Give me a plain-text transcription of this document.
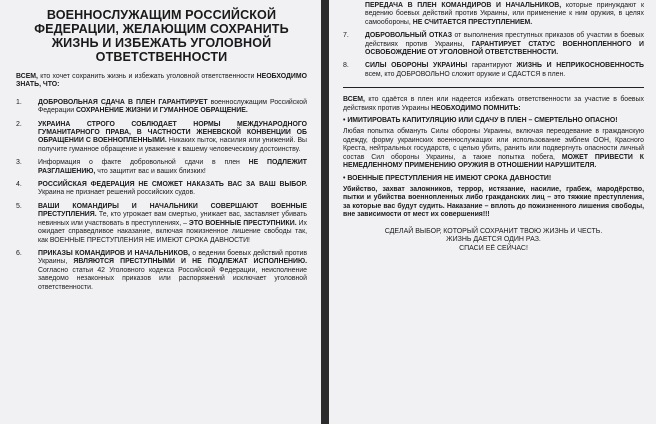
ВОЕННОСЛУЖАЩИМ РОССИЙСКОЙ ФЕДЕРАЦИИ, ЖЕЛАЮЩИМ СОХРАНИТЬ ЖИЗНЬ И ИЗБЕЖАТЬ УГОЛОВНОЙ ОТВЕТСТВЕННОСТИ
ВСЕМ, кто хочет сохранить жизнь и избежать уголовной ответственности НЕОБХОДИМО ЗНАТЬ, ЧТО:
1.	ДОБРОВОЛЬНАЯ СДАЧА В ПЛЕН ГАРАНТИРУЕТ военнослужащим Российской Федерации СОХРАНЕНИЕ ЖИЗНИ И ГУМАННОЕ ОБРАЩЕНИЕ.
2.	УКРАИНА СТРОГО СОБЛЮДАЕТ НОРМЫ МЕЖДУНАРОДНОГО ГУМАНИТАРНОГО ПРАВА, В ЧАСТНОСТИ ЖЕНЕВСКОЙ КОНВЕНЦИИ ОБ ОБРАЩЕНИИ С ВОЕННОПЛЕННЫМИ. Никаких пыток, насилия или унижений. Вы получите гуманное обращение и уважение к вашему человеческому достоинству.
3.	Информация о факте добровольной сдачи в плен НЕ ПОДЛЕЖИТ РАЗГЛАШЕНИЮ, что защитит вас и ваших близких!
4.	РОССИЙСКАЯ ФЕДЕРАЦИЯ НЕ СМОЖЕТ НАКАЗАТЬ ВАС ЗА ВАШ ВЫБОР. Украина не признает решений российских судов.
5.	ВАШИ КОМАНДИРЫ И НАЧАЛЬНИКИ СОВЕРШАЮТ ВОЕННЫЕ ПРЕСТУПЛЕНИЯ. Те, кто угрожает вам смертью, унижает вас, заставляет убивать невинных или участвовать в преступлениях, – ЭТО ВОЕННЫЕ ПРЕСТУПНИКИ. Их ожидает справедливое наказание, включая пожизненное лишение свободы так, как ВОЕННЫЕ ПРЕСТУПЛЕНИЯ НЕ ИМЕЮТ СРОКА ДАВНОСТИ!
6.	ПРИКАЗЫ КОМАНДИРОВ И НАЧАЛЬНИКОВ, о ведении боевых действий против Украины, ЯВЛЯЮТСЯ ПРЕСТУПНЫМИ И НЕ ПОДЛЕЖАТ ИСПОЛНЕНИЮ. Согласно статьи 42 Уголовного кодекса Российской Федерации, неисполнение заведомо незаконных приказов или распоряжений исключает уголовной ответственности.
ПЕРЕДАЧА В ПЛЕН КОМАНДИРОВ И НАЧАЛЬНИКОВ, которые принуждают к ведению боевых действий против Украины, или применение к ним оружия, в целях самообороны, НЕ СЧИТАЕТСЯ ПРЕСТУПЛЕНИЕМ.
7.	ДОБРОВОЛЬНЫЙ ОТКАЗ от выполнения преступных приказов об участии в боевых действиях против Украины, ГАРАНТИРУЕТ СТАТУС ВОЕННОПЛЕННОГО И ОСВОБОЖДЕНИЕ ОТ УГОЛОВНОЙ ОТВЕТСТВЕННОСТИ.
8.	СИЛЫ ОБОРОНЫ УКРАИНЫ гарантируют ЖИЗНЬ И НЕПРИКОСНОВЕННОСТЬ всем, кто ДОБРОВОЛЬНО сложит оружие и СДАСТСЯ в плен.
ВСЕМ, кто сдаётся в плен или надеется избежать ответственности за участие в боевых действиях против Украины НЕОБХОДИМО ПОМНИТЬ:
• ИМИТИРОВАТЬ КАПИТУЛЯЦИЮ ИЛИ СДАЧУ В ПЛЕН – СМЕРТЕЛЬНО ОПАСНО!
Любая попытка обмануть Силы обороны Украины, включая переодевание в гражданскую одежду, форму украинских военнослужащих или использование эмблем ООН, Красного Креста, нейтральных государств, с целью убить, ранить или подвергнуть опасности личный состав Сил обороны Украины, а также попытка побега, МОЖЕТ ПРИВЕСТИ К НЕМЕДЛЕННОМУ ПРИМЕНЕНИЮ ОРУЖИЯ В ОТНОШЕНИИ НАРУШИТЕЛЯ.
• ВОЕННЫЕ ПРЕСТУПЛЕНИЯ НЕ ИМЕЮТ СРОКА ДАВНОСТИ!
Убийство, захват заложников, террор, истязание, насилие, грабеж, мародёрство, пытки и убийства военнопленных либо гражданских лиц – это тяжкие преступления, за которые вас будут судить. Наказание – вплоть до пожизненного лишения свободы, вне зависимости от мест их совершения!!!
СДЕЛАЙ ВЫБОР, КОТОРЫЙ СОХРАНИТ ТВОЮ ЖИЗНЬ И ЧЕСТЬ.
ЖИЗНЬ ДАЕТСЯ ОДИН РАЗ.
СПАСИ ЕЁ СЕЙЧАС!
